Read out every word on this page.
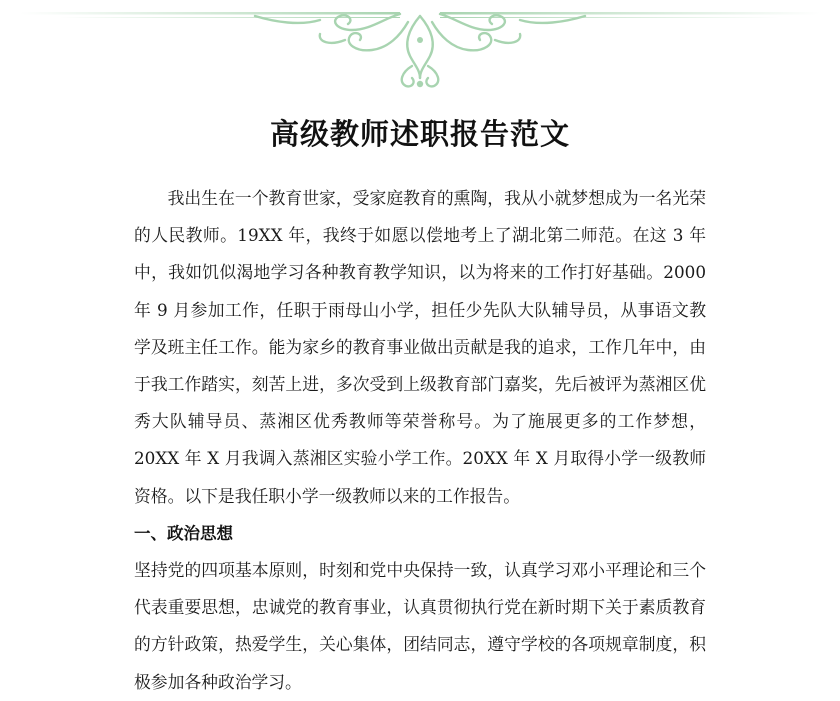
高级教师述职报告范文

我出生在一个教育世家，受家庭教育的熏陶，我从小就梦想成为一名光荣的人民教师。19XX 年，我终于如愿以偿地考上了湖北第二师范。在这 3 年中，我如饥似渴地学习各种教育教学知识，以为将来的工作打好基础。2000 年 9 月参加工作，任职于雨母山小学，担任少先队大队辅导员，从事语文教学及班主任工作。能为家乡的教育事业做出贡献是我的追求，工作几年中，由于我工作踏实，刻苦上进，多次受到上级教育部门嘉奖，先后被评为蒸湘区优秀大队辅导员、蒸湘区优秀教师等荣誉称号。为了施展更多的工作梦想，20XX 年 X 月我调入蒸湘区实验小学工作。20XX 年 X 月取得小学一级教师资格。以下是我任职小学一级教师以来的工作报告。

一、政治思想

坚持党的四项基本原则，时刻和党中央保持一致，认真学习邓小平理论和三个代表重要思想，忠诚党的教育事业，认真贯彻执行党在新时期下关于素质教育的方针政策，热爱学生，关心集体，团结同志，遵守学校的各项规章制度，积极参加各种政治学习。
